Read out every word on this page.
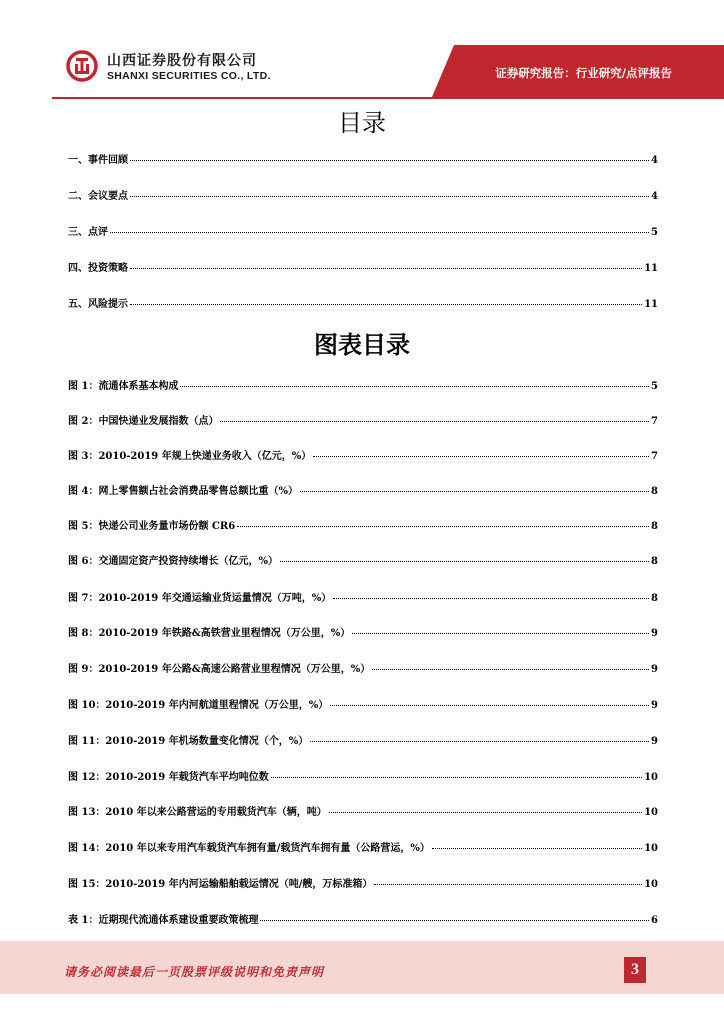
山西证券股份有限公司
SHANXI SECURITIES CO., LTD.	证券研究报告：行业研究/点评报告
目录
一、事件回顾	4
二、会议要点	4
三、点评	5
四、投资策略	11
五、风险提示	11
图表目录
图 1：流通体系基本构成	5
图 2：中国快递业发展指数（点）	7
图 3：2010-2019 年规上快递业务收入（亿元，%）	7
图 4：网上零售额占社会消费品零售总额比重（%）	8
图 5：快递公司业务量市场份额 CR6	8
图 6：交通固定资产投资持续增长（亿元，%）	8
图 7：2010-2019 年交通运输业货运量情况（万吨，%）	8
图 8：2010-2019 年铁路&高铁营业里程情况（万公里，%）	9
图 9：2010-2019 年公路&高速公路营业里程情况（万公里，%）	9
图 10：2010-2019 年内河航道里程情况（万公里，%）	9
图 11：2010-2019 年机场数量变化情况（个，%）	9
图 12：2010-2019 年载货汽车平均吨位数	10
图 13：2010 年以来公路营运的专用载货汽车（辆，吨）	10
图 14：2010 年以来专用汽车载货汽车拥有量/载货汽车拥有量（公路营运，%）	10
图 15：2010-2019 年内河运输船舶载运情况（吨/艘，万标准箱）	10
表 1：近期现代流通体系建设重要政策梳理	6
请务必阅读最后一页股票评级说明和免责声明	3
